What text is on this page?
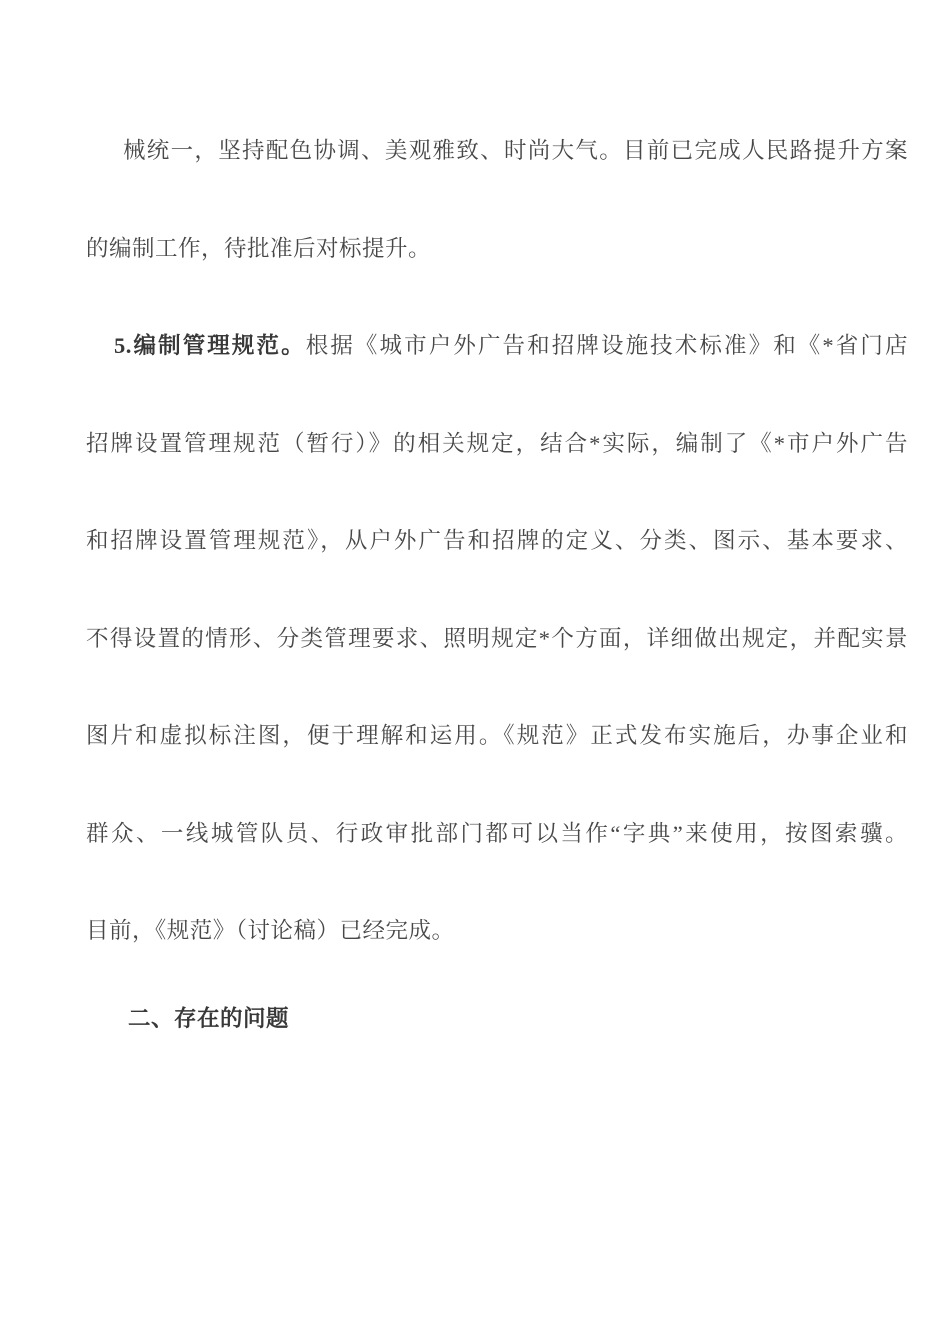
械统一，坚持配色协调、美观雅致、时尚大气。目前已完成人民路提升方案
的编制工作，待批准后对标提升。
5.编制管理规范。根据《城市户外广告和招牌设施技术标准》和《*省门店
招牌设置管理规范（暂行）》的相关规定，结合*实际，编制了《*市户外广告
和招牌设置管理规范》，从户外广告和招牌的定义、分类、图示、基本要求、
不得设置的情形、分类管理要求、照明规定*个方面，详细做出规定，并配实景
图片和虚拟标注图，便于理解和运用。《规范》正式发布实施后，办事企业和
群众、一线城管队员、行政审批部门都可以当作“字典”来使用，按图索骥。
目前，《规范》（讨论稿）已经完成。
二、存在的问题
